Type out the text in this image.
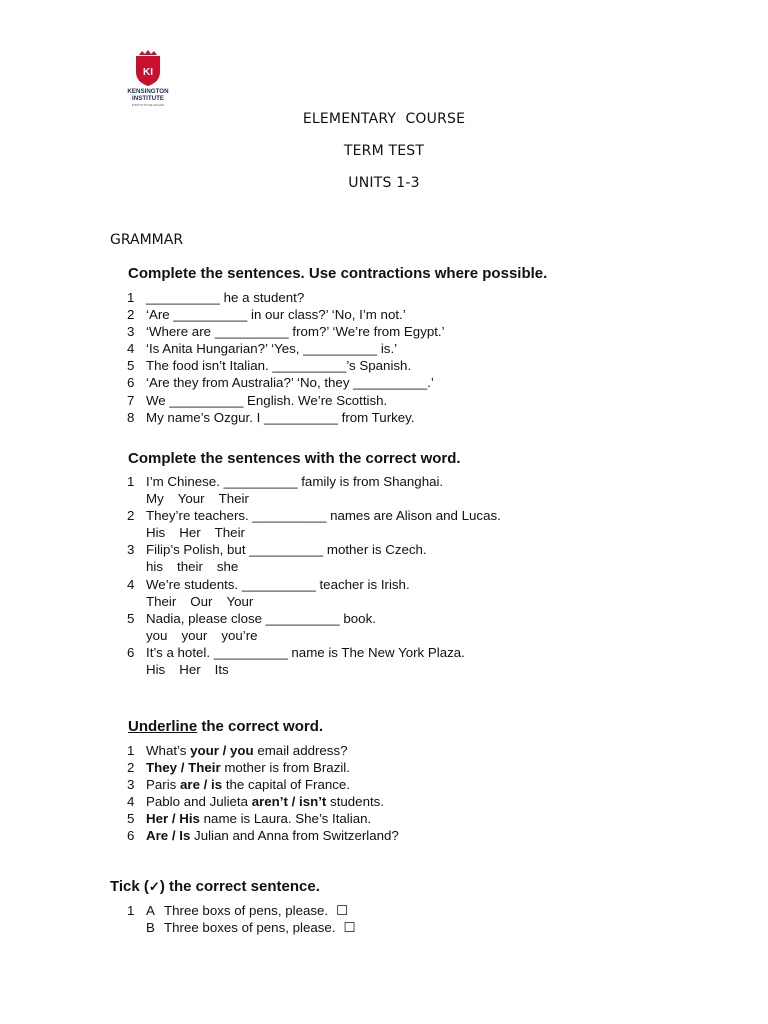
KI
KENSINGTON
INSTITUTE
INSTITUTO DE INGLÉS
ELEMENTARY  COURSE
TERM TEST
UNITS 1-3
GRAMMAR
Complete the sentences. Use contractions where possible.
1 __________ he a student?
2 ‘Are __________ in our class?’ ‘No, I’m not.’
3 ‘Where are __________ from?’ ‘We’re from Egypt.’
4 ‘Is Anita Hungarian?’ ‘Yes, __________ is.’
5 The food isn’t Italian. __________’s Spanish.
6 ‘Are they from Australia?’ ‘No, they __________.’
7 We __________ English. We’re Scottish.
8 My name’s Ozgur. I __________ from Turkey.
Complete the sentences with the correct word.
1 I’m Chinese. __________ family is from Shanghai.
My Your Their
2 They’re teachers. __________ names are Alison and Lucas.
His Her Their
3 Filip’s Polish, but __________ mother is Czech.
his their she
4 We’re students. __________ teacher is Irish.
Their Our Your
5 Nadia, please close __________ book.
you your you’re
6 It’s a hotel. __________ name is The New York Plaza.
His Her Its
Underline the correct word.
1 What’s your / you email address?
2 They / Their mother is from Brazil.
3 Paris are / is the capital of France.
4 Pablo and Julieta aren’t / isn’t students.
5 Her / His name is Laura. She’s Italian.
6 Are / Is Julian and Anna from Switzerland?
Tick (✓) the correct sentence.
1 A Three boxs of pens, please. ☐
B Three boxes of pens, please. ☐
